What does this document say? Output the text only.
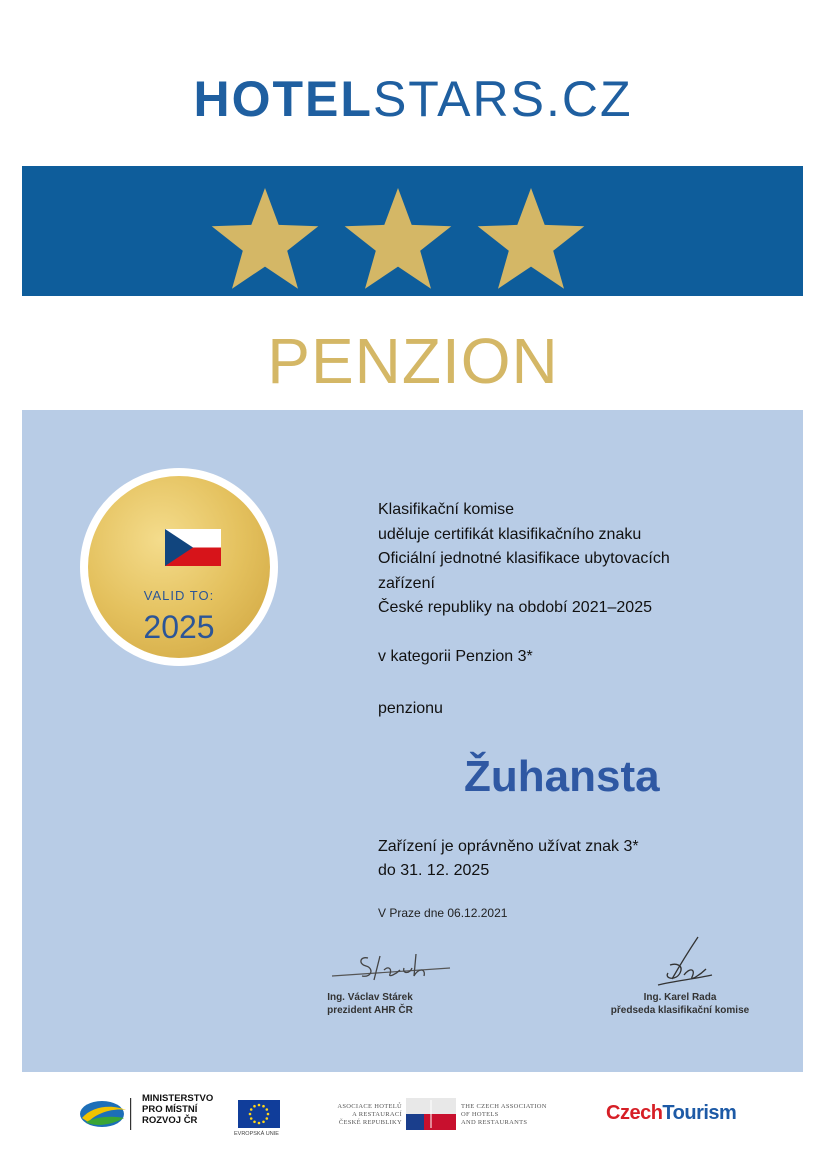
HOTELSTARS.CZ
PENZION
VALID TO:
2025
Klasifikační komise
uděluje certifikát klasifikačního znaku
Oficiální jednotné klasifikace ubytovacích
zařízení
České republiky na období 2021–2025
v kategorii Penzion 3*
penzionu
Žuhansta
Zařízení je oprávněno užívat znak 3*
do 31. 12. 2025
V Praze dne 06.12.2021
Ing. Václav Stárek
prezident AHR ČR
Ing. Karel Rada
předseda klasifikační komise
MINISTERSTVO
PRO MÍSTNÍ
ROZVOJ ČR
EVROPSKÁ UNIE
ASOCIACE HOTELŮ
A RESTAURACÍ
ČESKÉ REPUBLIKY
THE CZECH ASSOCIATION
OF HOTELS
AND RESTAURANTS	CzechTourism
